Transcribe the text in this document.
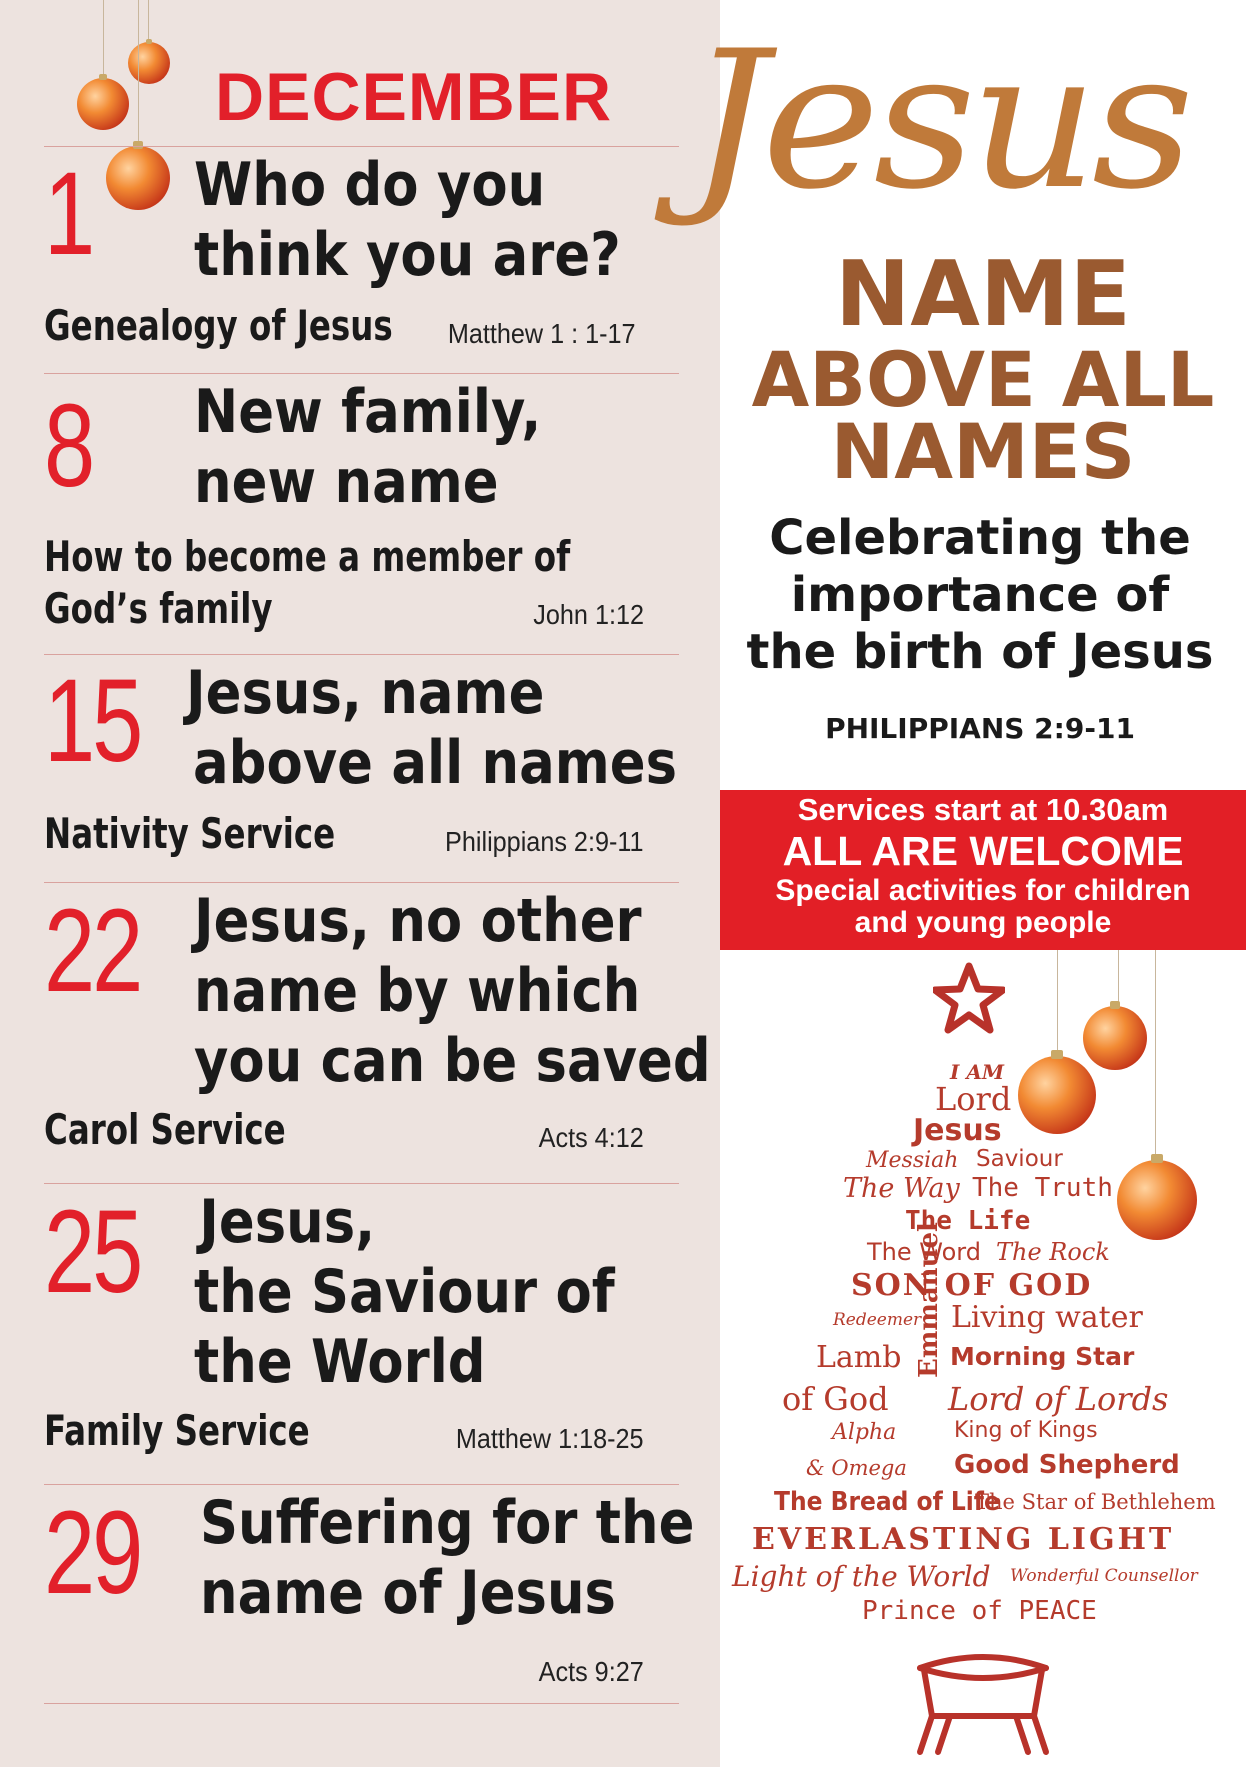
DECEMBER
1 Who do you
think you are?
Genealogy of Jesus Matthew 1 : 1-17
8 New family,
new name
How to become a member of
God’s family	John 1:12
15 Jesus, name
above all names
Nativity Service	Philippians 2:9-11
22 Jesus, no other
name by which
you can be saved
Carol Service	Acts 4:12
25 Jesus,
the Saviour of
the World
Family Service	Matthew 1:18-25
29 Suffering for the
name of Jesus
Acts 9:27
Jesus
NAME
ABOVE ALL
NAMES
Celebrating the
importance of
the birth of Jesus
PHILIPPIANS 2:9-11
Services start at 10.30am
ALL ARE WELCOME
Special activities for children
and young people
I AM
Lord
Jesus
Messiah Saviour
The Way The Truth
The Life
The Word The Rock
SON OF GOD
Redeemer Living water
Lamb Morning Star
of God Lord of Lords
Alpha	King of Kings
& Omega Good Shepherd
Emmanuel
The Bread of Life
The Star of Bethlehem
EVERLASTING LIGHT
Light of the World Wonderful Counsellor
Prince of PEACE
